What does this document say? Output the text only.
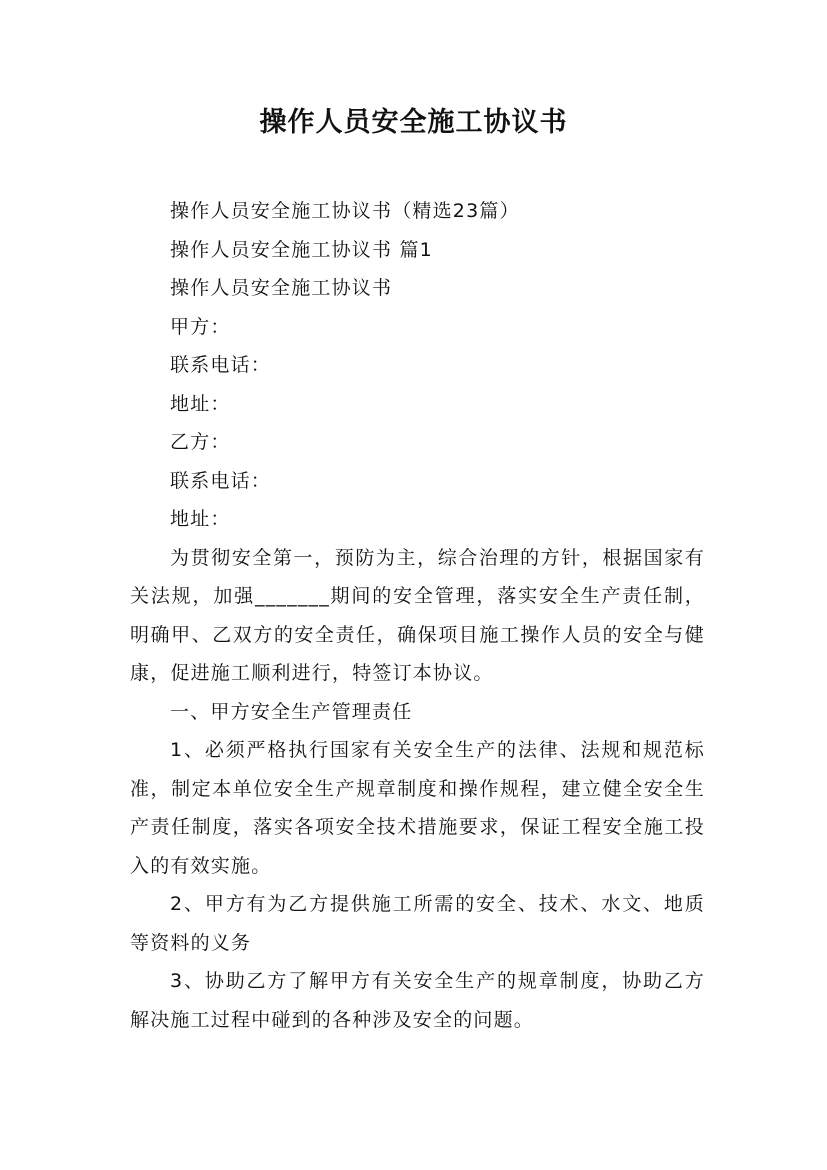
操作人员安全施工协议书

操作人员安全施工协议书（精选23篇）

操作人员安全施工协议书 篇1

操作人员安全施工协议书

甲方：

联系电话：

地址：

乙方：

联系电话：

地址：

为贯彻安全第一，预防为主，综合治理的方针，根据国家有关法规，加强_______期间的安全管理，落实安全生产责任制，明确甲、乙双方的安全责任，确保项目施工操作人员的安全与健康，促进施工顺利进行，特签订本协议。

一、甲方安全生产管理责任

1、必须严格执行国家有关安全生产的法律、法规和规范标准，制定本单位安全生产规章制度和操作规程，建立健全安全生产责任制度，落实各项安全技术措施要求，保证工程安全施工投入的有效实施。

2、甲方有为乙方提供施工所需的安全、技术、水文、地质等资料的义务

3、协助乙方了解甲方有关安全生产的规章制度，协助乙方解决施工过程中碰到的各种涉及安全的问题。
